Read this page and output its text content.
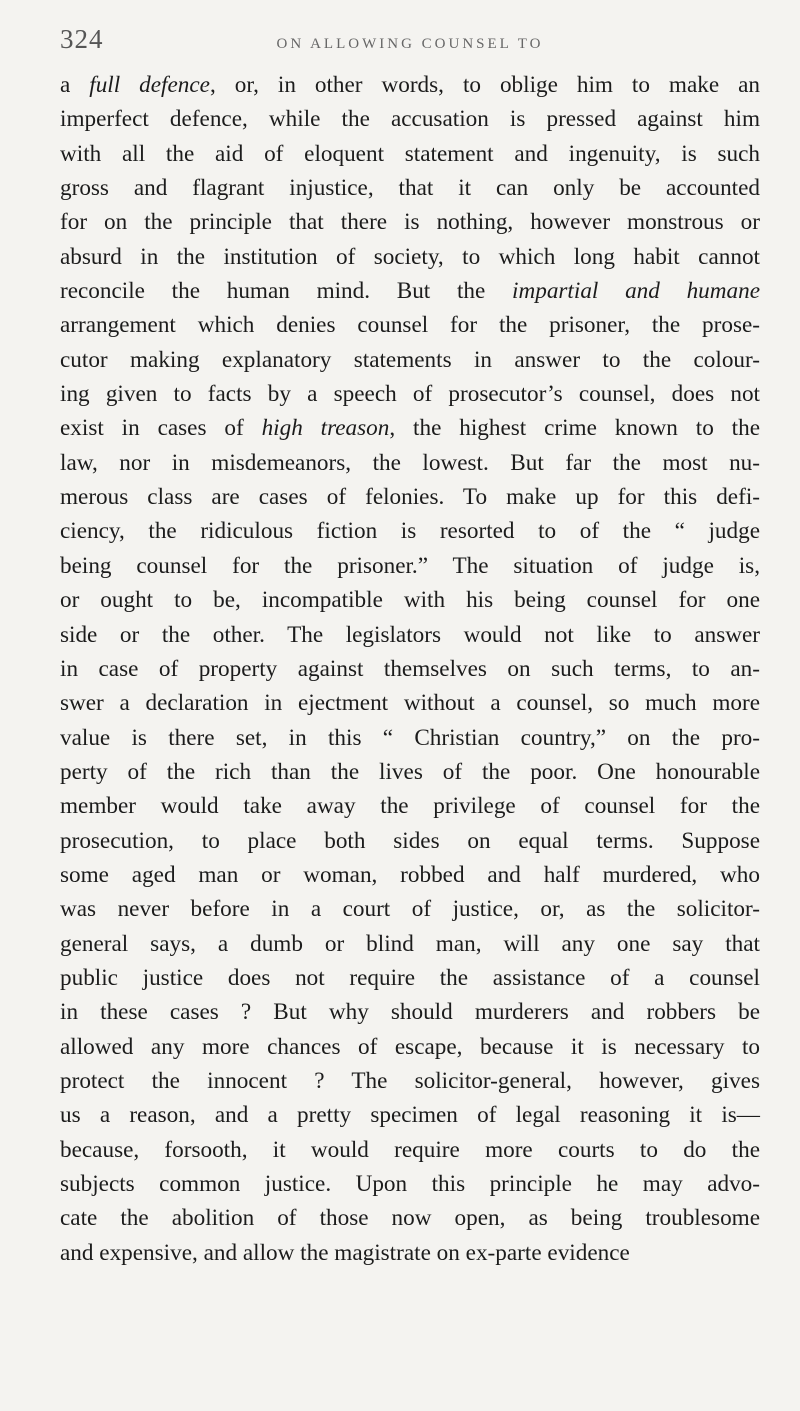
324	ON ALLOWING COUNSEL TO
a full defence, or, in other words, to oblige him to make an
imperfect defence, while the accusation is pressed against him
with all the aid of eloquent statement and ingenuity, is such
gross and flagrant injustice, that it can only be accounted
for on the principle that there is nothing, however monstrous or
absurd in the institution of society, to which long habit cannot
reconcile the human mind. But the impartial and humane
arrangement which denies counsel for the prisoner, the prose-
cutor making explanatory statements in answer to the colour-
ing given to facts by a speech of prosecutor’s counsel, does not
exist in cases of high treason, the highest crime known to the
law, nor in misdemeanors, the lowest. But far the most nu-
merous class are cases of felonies. To make up for this defi-
ciency, the ridiculous fiction is resorted to of the “ judge
being counsel for the prisoner.” The situation of judge is,
or ought to be, incompatible with his being counsel for one
side or the other. The legislators would not like to answer
in case of property against themselves on such terms, to an-
swer a declaration in ejectment without a counsel, so much more
value is there set, in this “ Christian country,” on the pro-
perty of the rich than the lives of the poor. One honourable
member would take away the privilege of counsel for the
prosecution, to place both sides on equal terms. Suppose
some aged man or woman, robbed and half murdered, who
was never before in a court of justice, or, as the solicitor-
general says, a dumb or blind man, will any one say that
public justice does not require the assistance of a counsel
in these cases ? But why should murderers and robbers be
allowed any more chances of escape, because it is necessary to
protect the innocent ? The solicitor-general, however, gives
us a reason, and a pretty specimen of legal reasoning it is—
because, forsooth, it would require more courts to do the
subjects common justice. Upon this principle he may advo-
cate the abolition of those now open, as being troublesome
and expensive, and allow the magistrate on ex-parte evidence
